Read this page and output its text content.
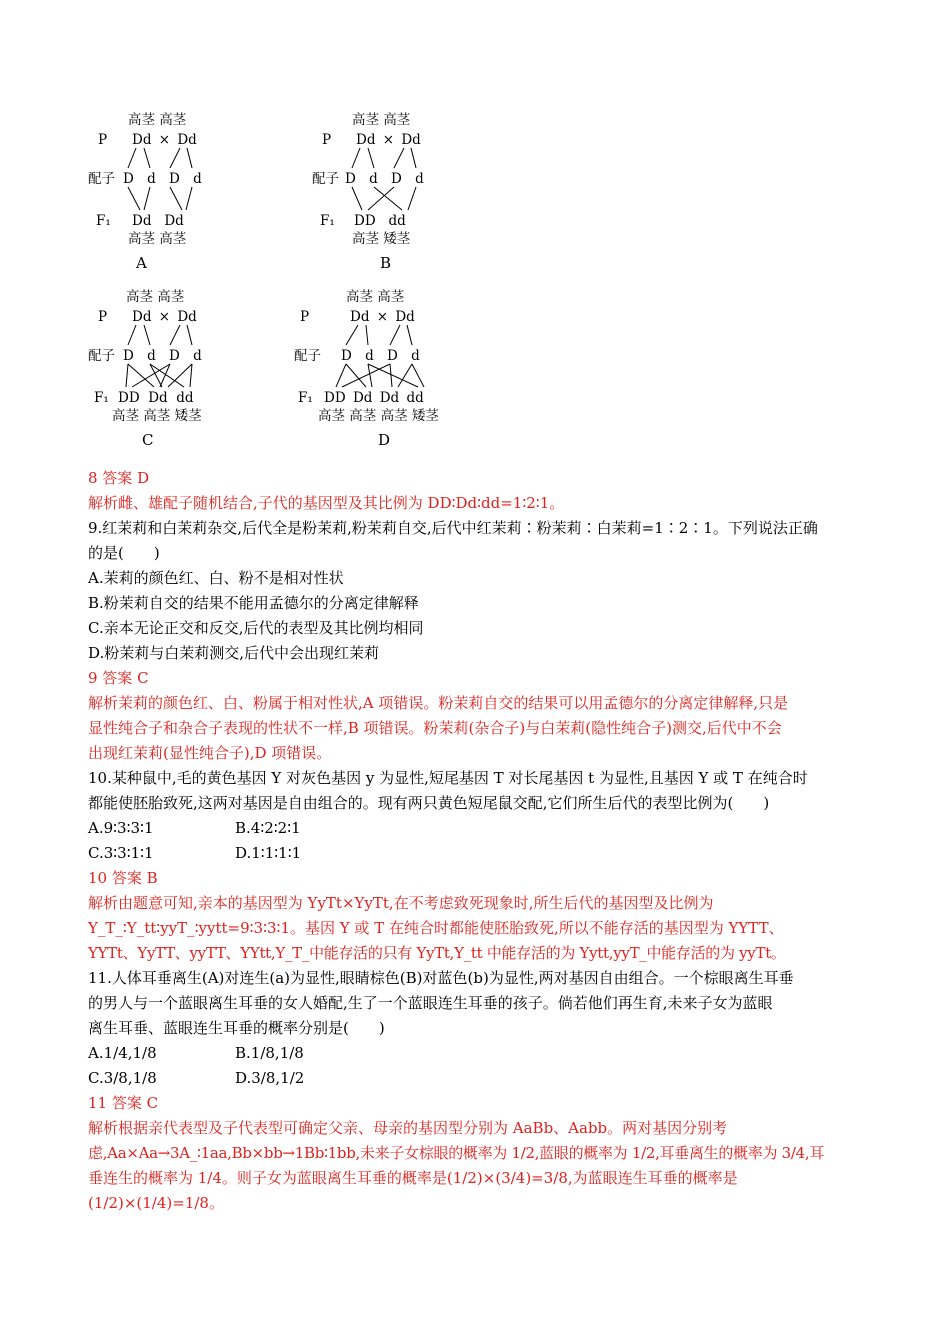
高茎 高茎
P Dd × Dd
配子 D d D d
F₁ Dd   Dd
高茎 高茎
A
高茎 高茎
P Dd × Dd
配子 D d D d
F₁ DD   dd
高茎 矮茎
B
高茎 高茎
P Dd × Dd
配子 D d D d
F₁ DD  Dd  dd
高茎 高茎 矮茎
C
高茎 高茎
P	Dd × Dd
配子 D d D d
F₁ DD Dd Dd dd
高茎 高茎 高茎 矮茎
D
8 答案 D
解析雌、雄配子随机结合,子代的基因型及其比例为 DD∶Dd∶dd=1∶2∶1。
9.红茉莉和白茉莉杂交,后代全是粉茉莉,粉茉莉自交,后代中红茉莉∶粉茉莉∶白茉莉=1∶2∶1。下列说法正确
的是(　　)
A.茉莉的颜色红、白、粉不是相对性状
B.粉茉莉自交的结果不能用孟德尔的分离定律解释
C.亲本无论正交和反交,后代的表型及其比例均相同
D.粉茉莉与白茉莉测交,后代中会出现红茉莉
9 答案 C
解析茉莉的颜色红、白、粉属于相对性状,A 项错误。粉茉莉自交的结果可以用孟德尔的分离定律解释,只是
显性纯合子和杂合子表现的性状不一样,B 项错误。粉茉莉(杂合子)与白茉莉(隐性纯合子)测交,后代中不会
出现红茉莉(显性纯合子),D 项错误。
10.某种鼠中,毛的黄色基因 Y 对灰色基因 y 为显性,短尾基因 T 对长尾基因 t 为显性,且基因 Y 或 T 在纯合时
都能使胚胎致死,这两对基因是自由组合的。现有两只黄色短尾鼠交配,它们所生后代的表型比例为(　　)
A.9∶3∶3∶1	B.4∶2∶2∶1
C.3∶3∶1∶1	D.1∶1∶1∶1
10 答案 B
解析由题意可知,亲本的基因型为 YyTt×YyTt,在不考虑致死现象时,所生后代的基因型及比例为
Y_T_∶Y_tt∶yyT_∶yytt=9∶3∶3∶1。基因 Y 或 T 在纯合时都能使胚胎致死,所以不能存活的基因型为 YYTT、
YYTt、YyTT、yyTT、YYtt,Y_T_中能存活的只有 YyTt,Y_tt 中能存活的为 Yytt,yyT_中能存活的为 yyTt。
11.人体耳垂离生(A)对连生(a)为显性,眼睛棕色(B)对蓝色(b)为显性,两对基因自由组合。一个棕眼离生耳垂
的男人与一个蓝眼离生耳垂的女人婚配,生了一个蓝眼连生耳垂的孩子。倘若他们再生育,未来子女为蓝眼
离生耳垂、蓝眼连生耳垂的概率分别是(　　)
A.1/4,1/8	B.1/8,1/8
C.3/8,1/8	D.3/8,1/2
11 答案 C
解析根据亲代表型及子代表型可确定父亲、母亲的基因型分别为 AaBb、Aabb。两对基因分别考
虑,Aa×Aa→3A_∶1aa,Bb×bb→1Bb∶1bb,未来子女棕眼的概率为 1/2,蓝眼的概率为 1/2,耳垂离生的概率为 3/4,耳
垂连生的概率为 1/4。则子女为蓝眼离生耳垂的概率是(1/2)×(3/4)=3/8,为蓝眼连生耳垂的概率是
(1/2)×(1/4)=1/8。
